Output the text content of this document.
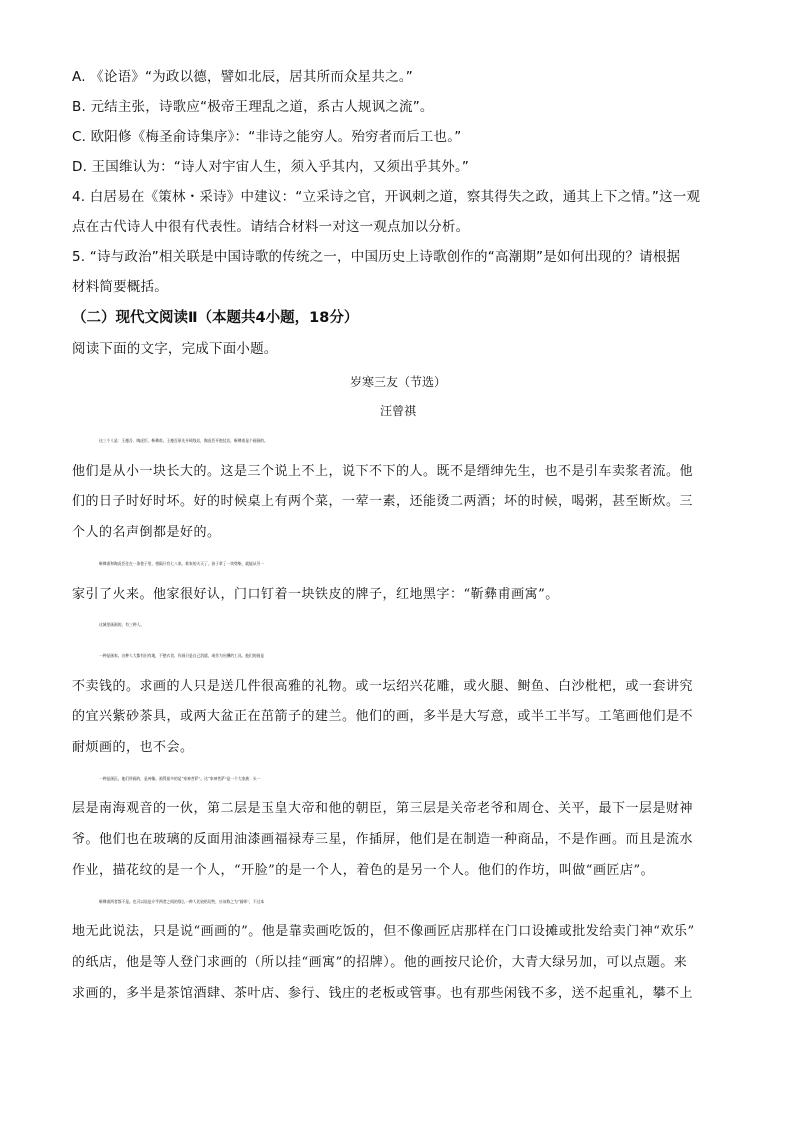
A. 《论语》“为政以德，譬如北辰，居其所而众星共之。”
B. 元结主张，诗歌应“极帝王理乱之道，系古人规讽之流”。
C. 欧阳修《梅圣俞诗集序》：“非诗之能穷人。殆穷者而后工也。”
D. 王国维认为：“诗人对宇宙人生，须入乎其内，又须出乎其外。”
4. 白居易在《策林・采诗》中建议：“立采诗之官，开讽刺之道，察其得失之政，通其上下之情。”这一观
点在古代诗人中很有代表性。请结合材料一对这一观点加以分析。
5. “诗与政治”相关联是中国诗歌的传统之一，中国历史上诗歌创作的“高潮期”是如何出现的？请根据
材料简要概括。
（二）现代文阅读Ⅱ（本题共4小题，18分）
阅读下面的文字，完成下面小题。
岁寒三友（节选）
汪曾祺
这三个人是：王瘦吾、陶虎臣、靳彝甫。王瘦吾原先开绒线店，陶虎臣开炮仗店，靳彝甫是个画画的。
他们是从小一块长大的。这是三个说上不上，说下不下的人。既不是缙绅先生，也不是引车卖浆者流。他
们的日子时好时坏。好的时候桌上有两个菜，一荤一素，还能烫二两酒；坏的时候，喝粥，甚至断炊。三
个人的名声倒都是好的。
靳彝甫和陶虎臣住在一条巷子里，相隔只有七八家。谁家的火灭了，孩子拿了一块劈柴，就能从另一
家引了火来。他家很好认，门口钉着一块铁皮的牌子，红地黑字：“靳彝甫画寓”。
这城里画画的，有三种人。
一种是画家。这种人大都有田有地，不愁衣食，作画只是自己消遣，或作为应酬的工具。他们的画是
不卖钱的。求画的人只是送几件很高雅的礼物。或一坛绍兴花雕，或火腿、鲥鱼、白沙枇杷，或一套讲究
的宜兴紫砂茶具，或两大盆正在茁箭子的建兰。他们的画，多半是大写意，或半工半写。工笔画他们是不
耐烦画的，也不会。
一种是画匠。他们所画的，是神像。画得最多的是“家神菩萨”。这“家神菩萨”是一个大家族：头一
层是南海观音的一伙，第二层是玉皇大帝和他的朝臣，第三层是关帝老爷和周仓、关平，最下一层是财神
爷。他们也在玻璃的反面用油漆画福禄寿三星，作插屏，他们是在制造一种商品，不是作画。而且是流水
作业，描花纹的是一个人，“开脸”的是一个人，着色的是另一个人。他们的作坊，叫做“画匠店”。
靳彝甫两者都不是。也可以说是介乎两者之间的那么一种人比较贴切些，应该称之为“画师”，不过本
地无此说法，只是说“画画的”。他是靠卖画吃饭的，但不像画匠店那样在门口设摊或批发给卖门神“欢乐”
的纸店，他是等人登门求画的（所以挂“画寓”的招牌）。他的画按尺论价，大青大绿另加，可以点题。来
求画的，多半是茶馆酒肆、茶叶店、参行、钱庄的老板或管事。也有那些闲钱不多，送不起重礼，攀不上
